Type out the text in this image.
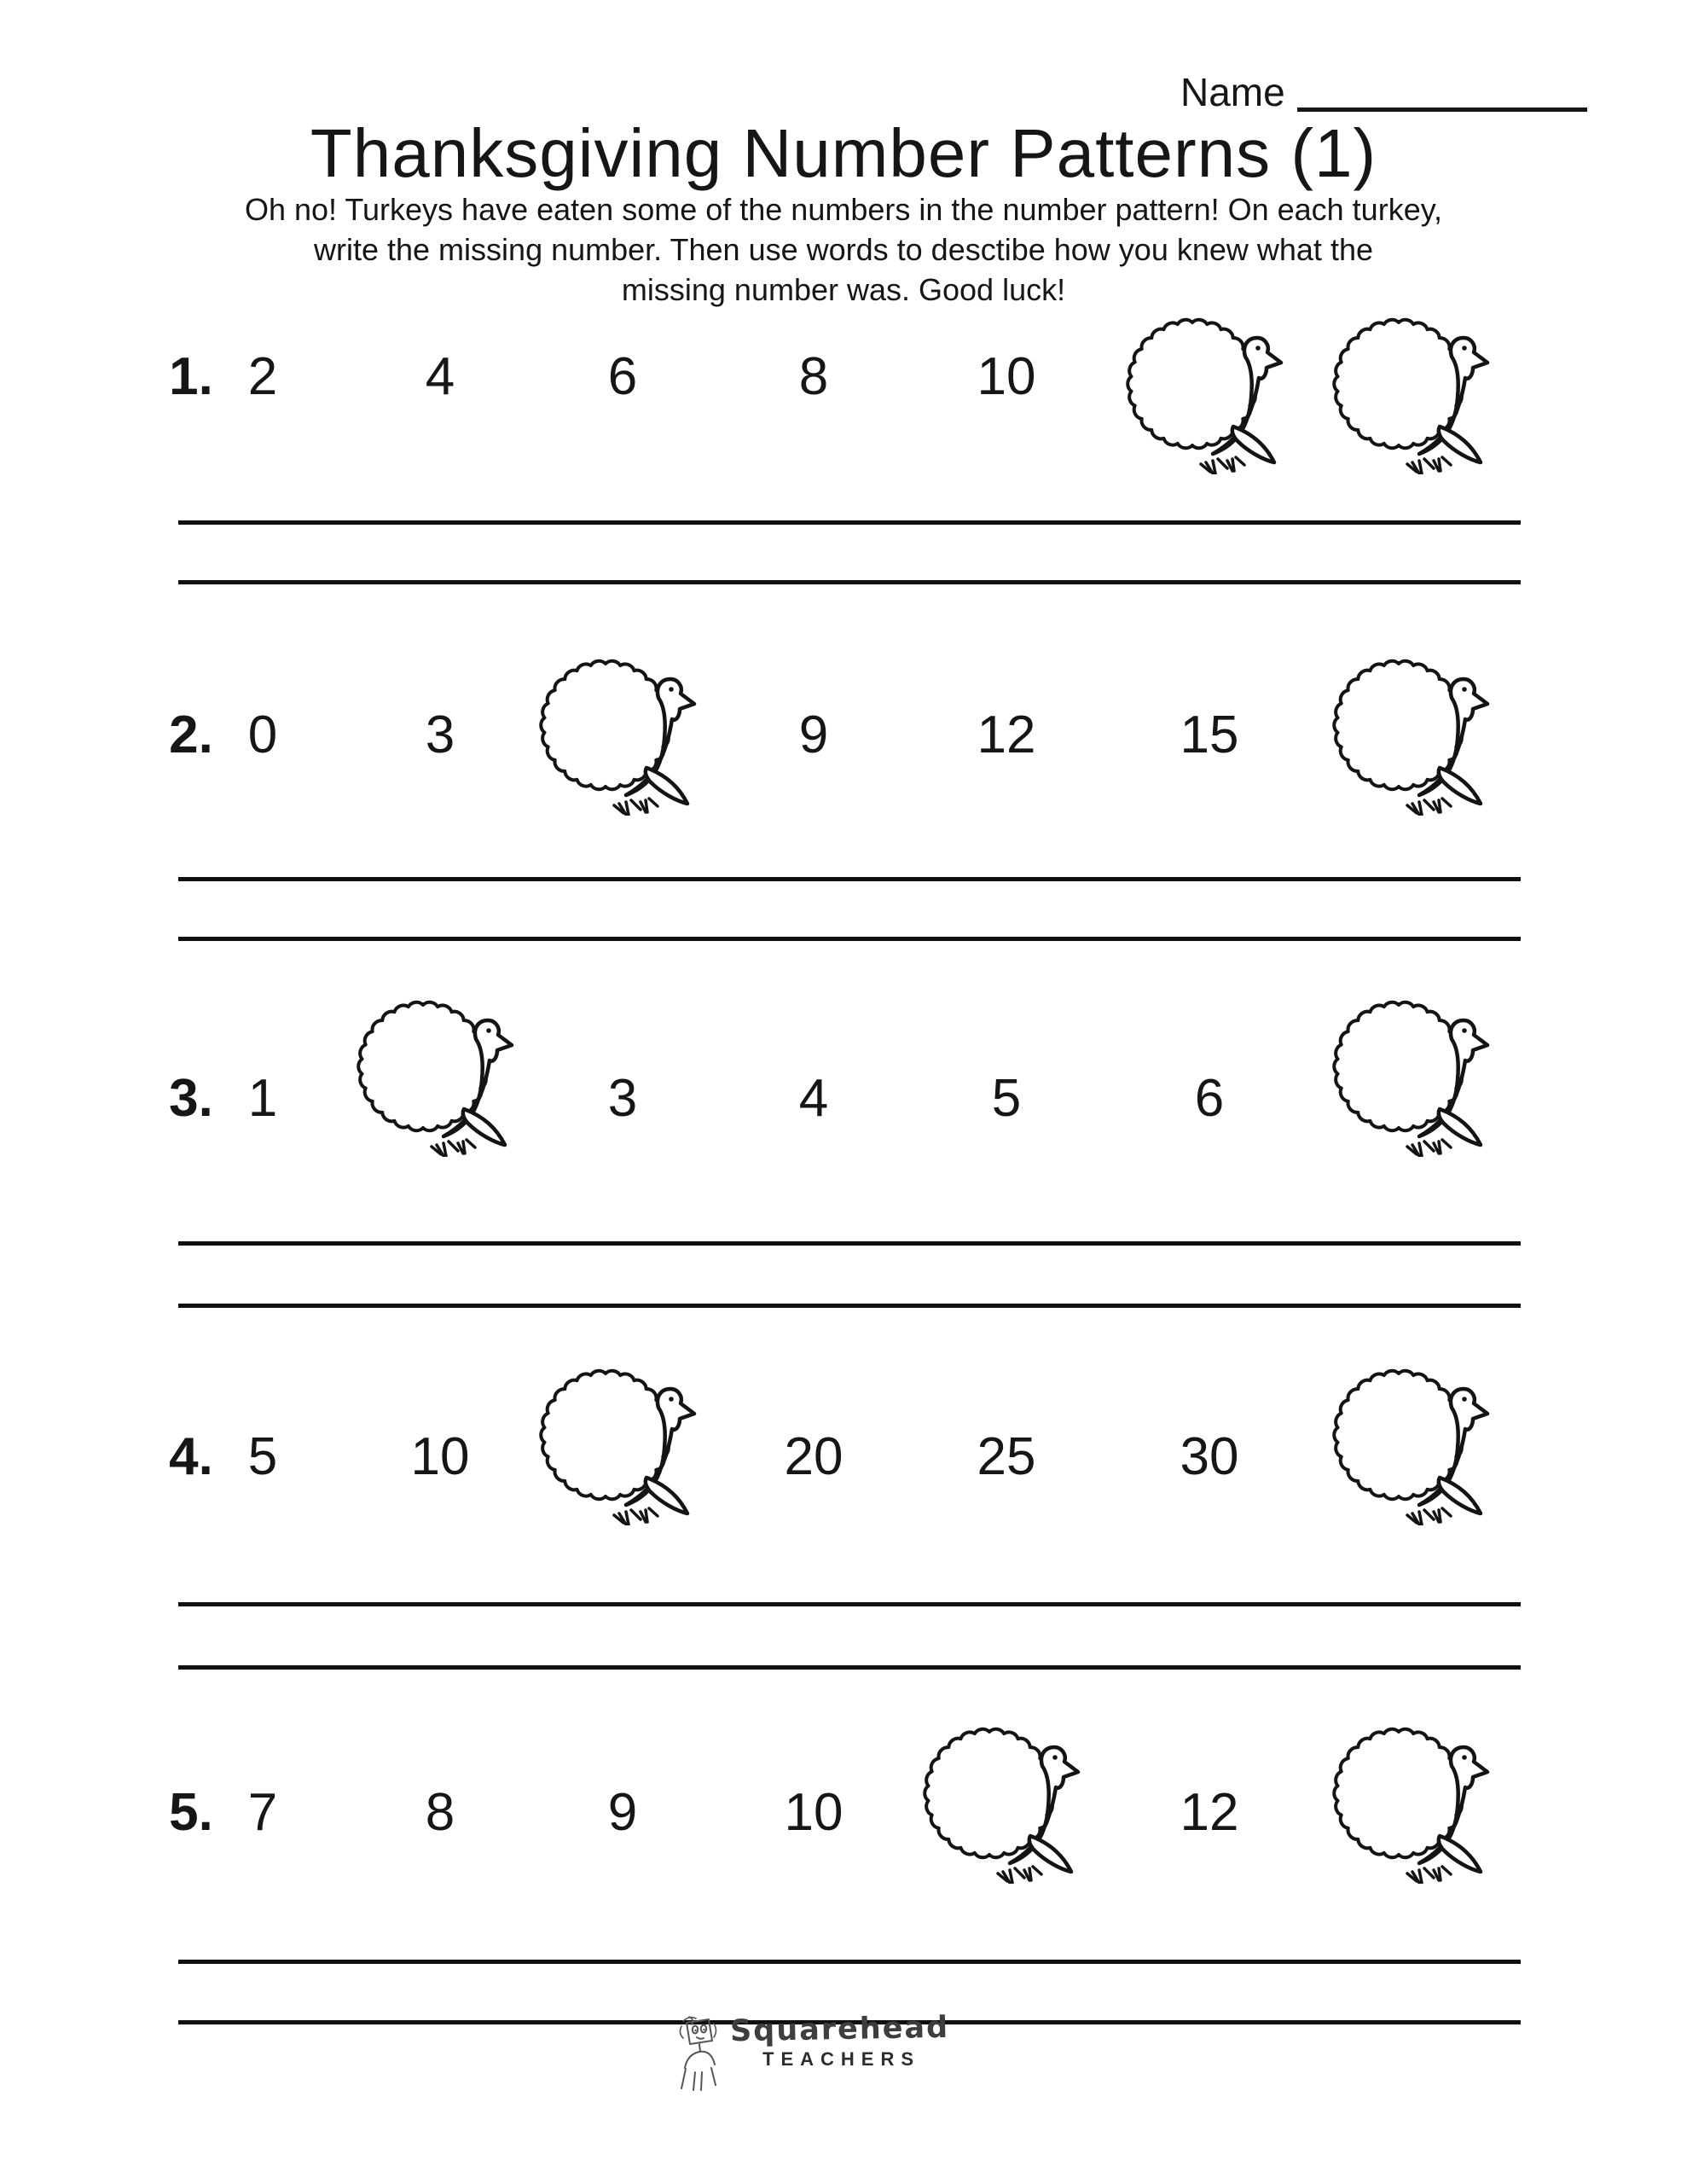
Name
Thanksgiving Number Patterns (1)
Oh no! Turkeys have eaten some of the numbers in the number pattern! On each turkey,
write the missing number. Then use words to desctibe how you knew what the
missing number was. Good luck!
1. 2	4	6	8	10
2. 0	3	9	12	15
3. 1	3	4	5	6
4. 5	10	20	25	30
5. 7	8	9	10	12
Squarehead
TEACHERS
